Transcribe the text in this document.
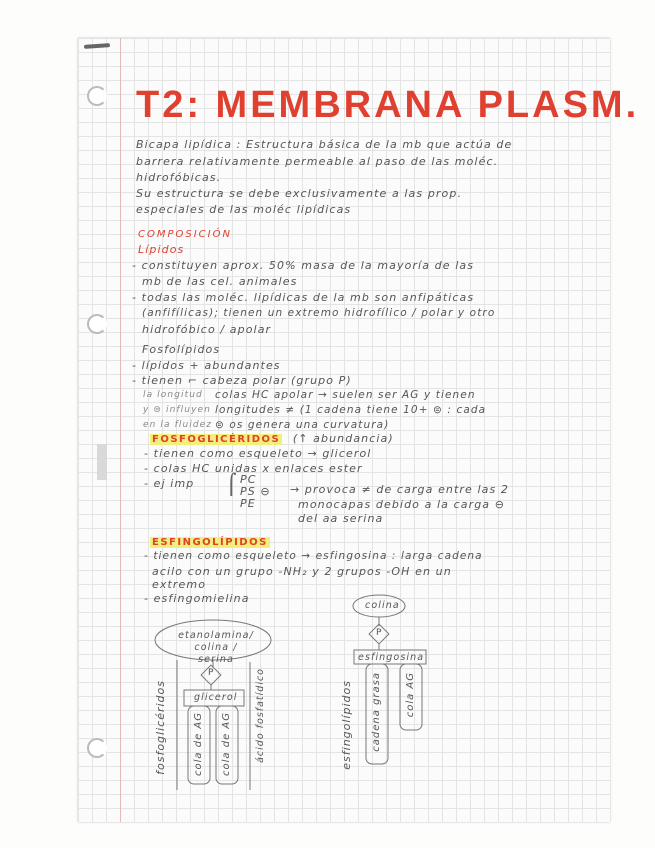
T2: MEMBRANA PLASM.
Bicapa lipídica : Estructura básica de la mb que actúa de
barrera relativamente permeable al paso de las moléc.
hidrofóbicas.
Su estructura se debe exclusivamente a las prop.
especiales de las moléc lipídicas
COMPOSICIÓN
Lípidos
- constituyen aprox. 50% masa de la mayoría de las
mb de las cel. animales
- todas las moléc. lipídicas de la mb son anfipáticas
(anfifílicas); tienen un extremo hidrofílico / polar y otro
hidrofóbico / apolar
Fosfolípidos
- lípidos + abundantes
- tienen ⌐ cabeza polar (grupo P)
colas HC apolar → suelen ser AG y tienen
longitudes ≠ (1 cadena tiene 10+ ⊜ : cada
⊜ os genera una curvatura)
la longitud
y ⊜ influyen
en la fluidez
FOSFOGLICÉRIDOS (↑ abundancia)
- tienen como esqueleto → glicerol
- colas HC unidas x enlaces ester
- ej imp ⌠ PC
PS ⊖
PE
→ provoca ≠ de carga entre las 2
monocapas debido a la carga ⊖
del aa serina
ESFINGOLÍPIDOS
- tienen como esqueleto → esfingosina : larga cadena
acilo con un grupo -NH₂ y 2 grupos -OH en un
extremo
- esfingomielina
etanolamina/ colina / serina
P
glicerol
cola de AG cola de AG
fosfoglicéridos	ácido fosfatídico
colina
P
esfingosina
cadena grasa cola AG
esfingolípidos
